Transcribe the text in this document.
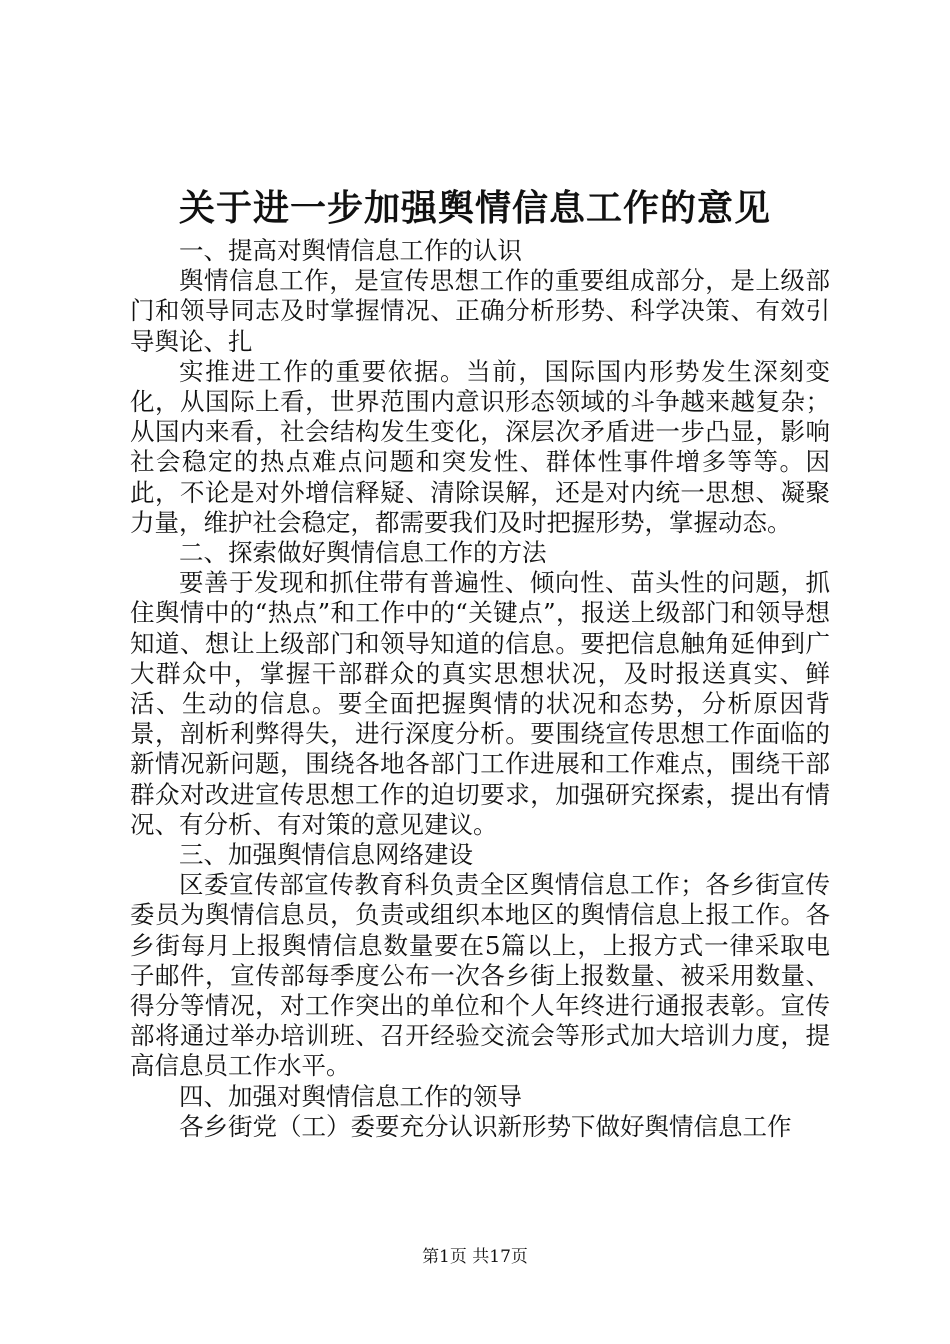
关于进一步加强舆情信息工作的意见

一、提高对舆情信息工作的认识

舆情信息工作，是宣传思想工作的重要组成部分，是上级部门和领导同志及时掌握情况、正确分析形势、科学决策、有效引导舆论、扎

实推进工作的重要依据。当前，国际国内形势发生深刻变化，从国际上看，世界范围内意识形态领域的斗争越来越复杂；从国内来看，社会结构发生变化，深层次矛盾进一步凸显，影响社会稳定的热点难点问题和突发性、群体性事件增多等等。因此，不论是对外增信释疑、清除误解，还是对内统一思想、凝聚力量，维护社会稳定，都需要我们及时把握形势，掌握动态。

二、探索做好舆情信息工作的方法

要善于发现和抓住带有普遍性、倾向性、苗头性的问题，抓住舆情中的“热点”和工作中的“关键点”，报送上级部门和领导想知道、想让上级部门和领导知道的信息。要把信息触角延伸到广大群众中，掌握干部群众的真实思想状况，及时报送真实、鲜活、生动的信息。要全面把握舆情的状况和态势，分析原因背景，剖析利弊得失，进行深度分析。要围绕宣传思想工作面临的新情况新问题，围绕各地各部门工作进展和工作难点，围绕干部群众对改进宣传思想工作的迫切要求，加强研究探索，提出有情况、有分析、有对策的意见建议。

三、加强舆情信息网络建设

区委宣传部宣传教育科负责全区舆情信息工作；各乡街宣传委员为舆情信息员，负责或组织本地区的舆情信息上报工作。各乡街每月上报舆情信息数量要在5篇以上，上报方式一律采取电子邮件，宣传部每季度公布一次各乡街上报数量、被采用数量、得分等情况，对工作突出的单位和个人年终进行通报表彰。宣传部将通过举办培训班、召开经验交流会等形式加大培训力度，提高信息员工作水平。

四、加强对舆情信息工作的领导

各乡街党（工）委要充分认识新形势下做好舆情信息工作

第1页 共17页
